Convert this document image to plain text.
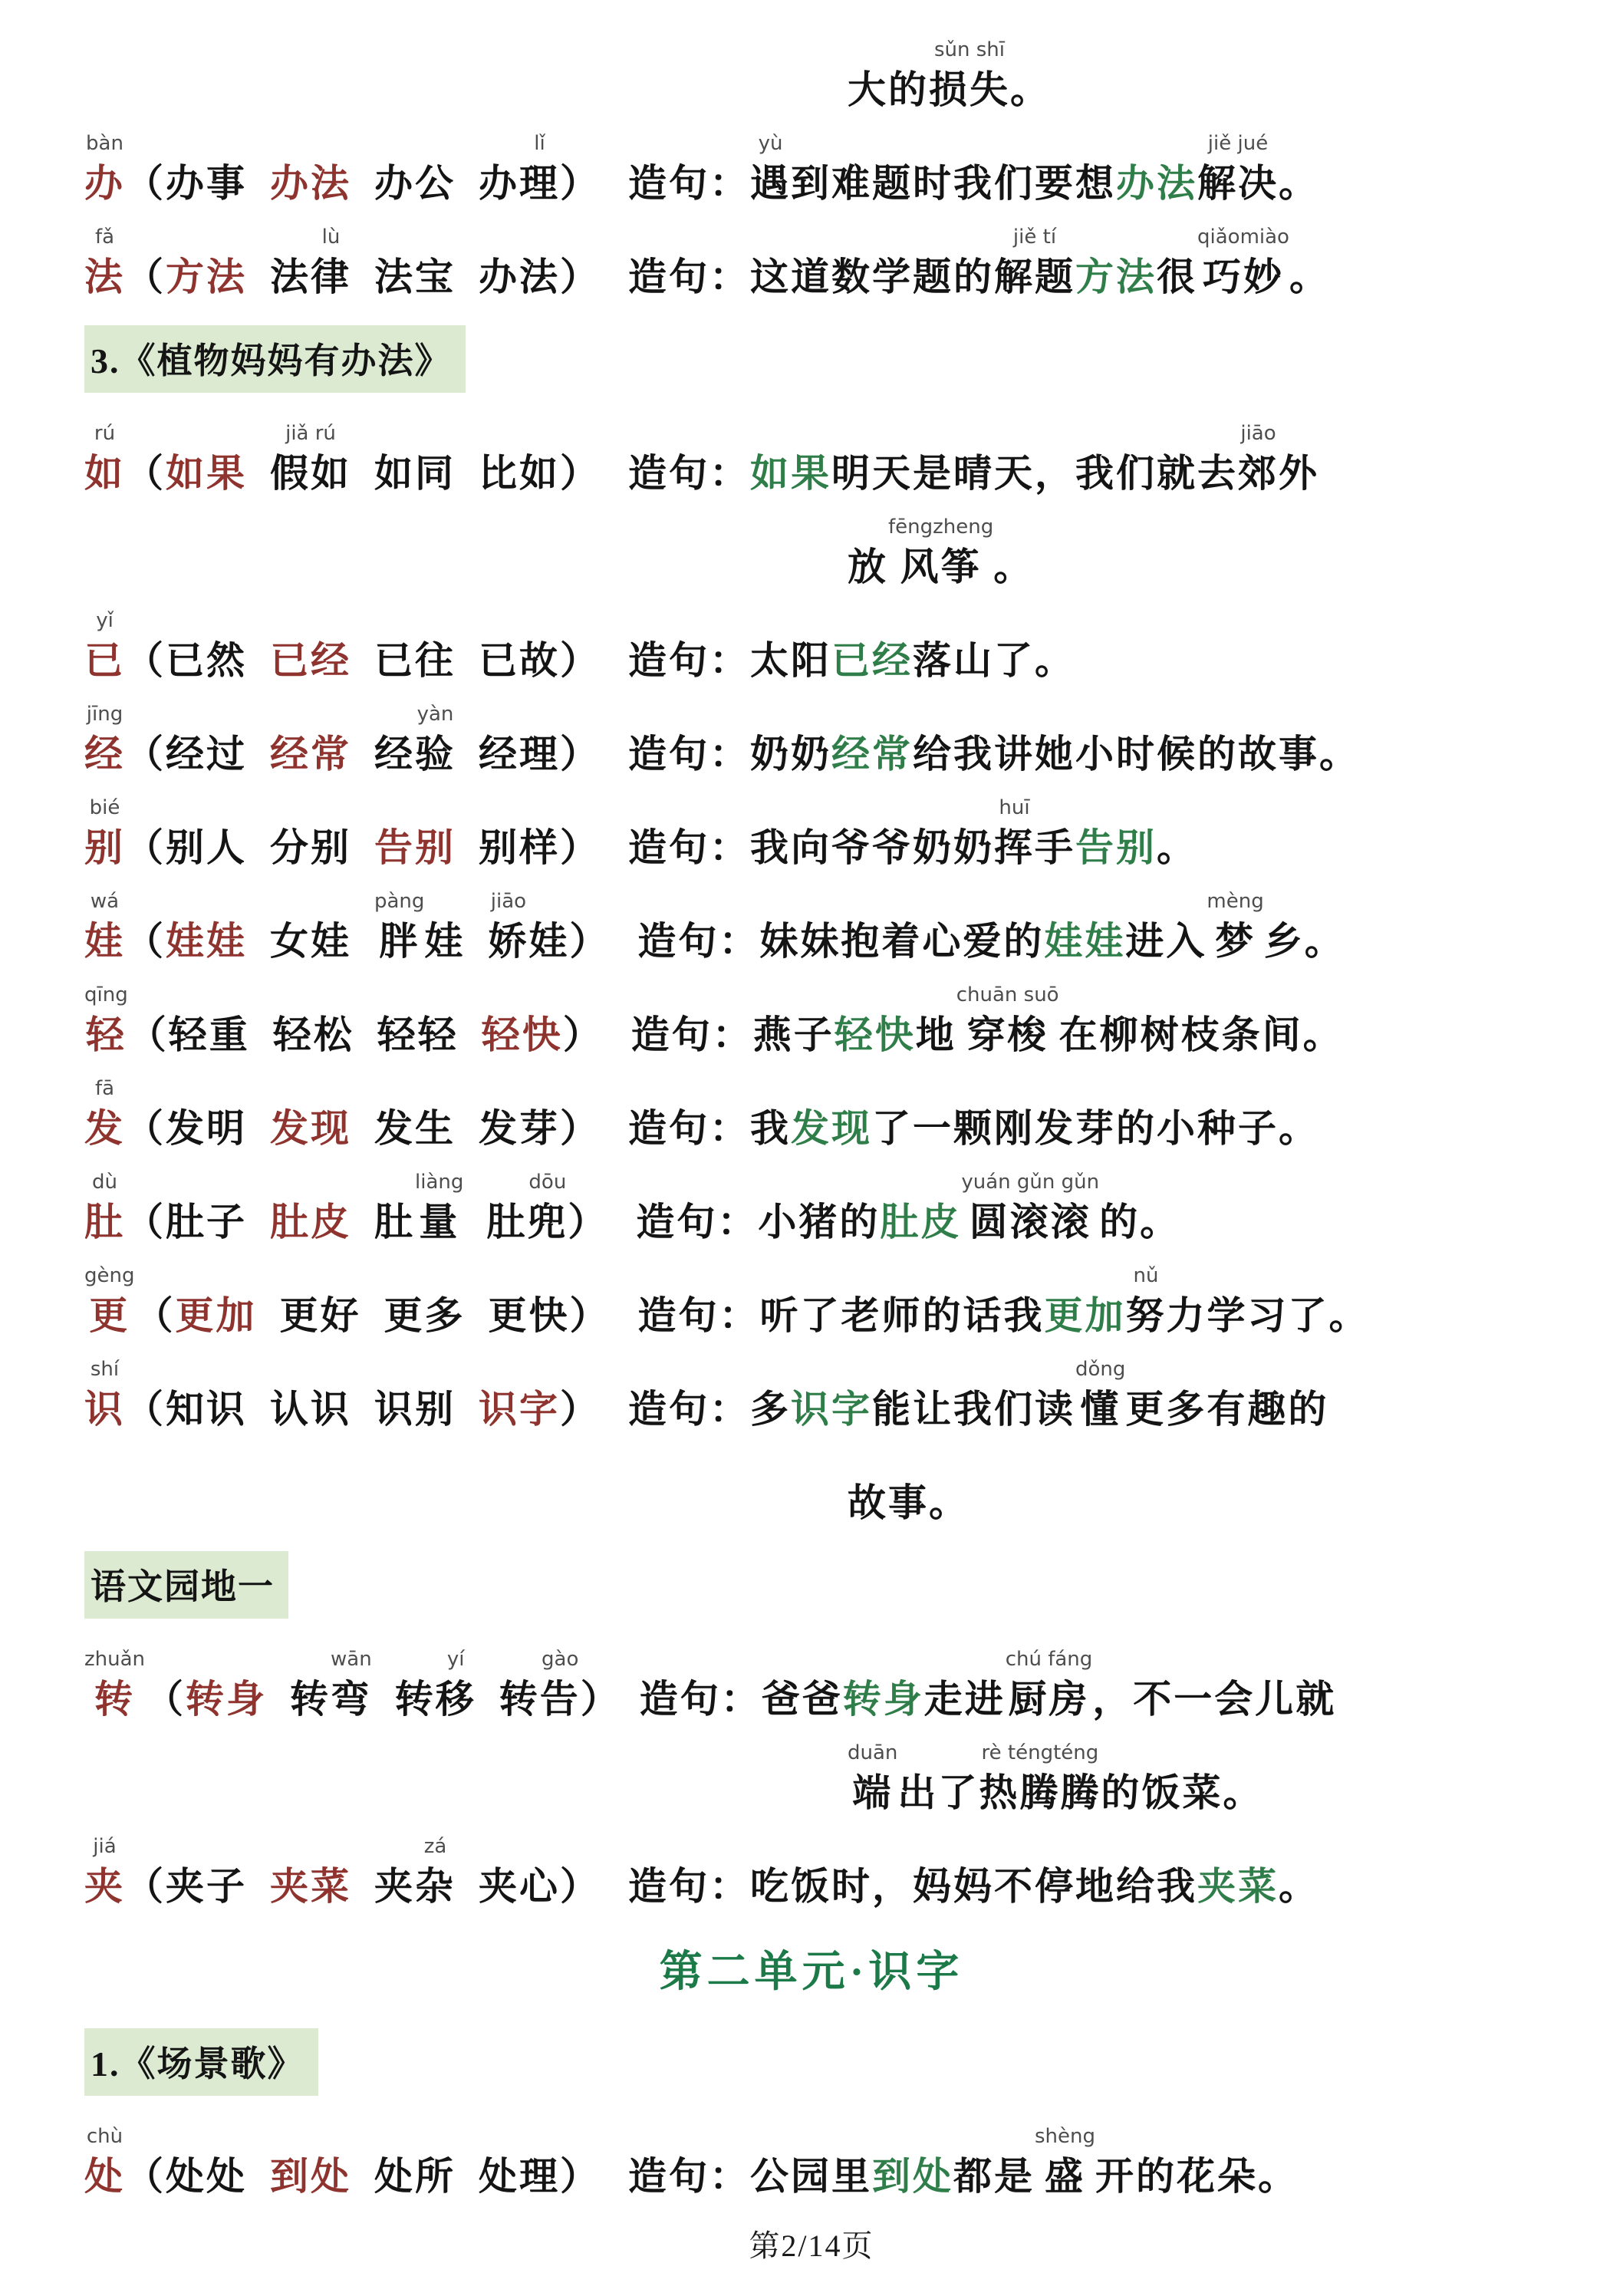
大的
sǔn shī
损失 。
bàn
办 （ 办事 办法 办公 办
lǐ
理 ） 造句：
yù
遇 到难题时我们要想 办法
jiě jué
解决 。
fǎ
法 （ 方法 法
lù
律 法宝 办法 ） 造句： 这道数学题的
jiě tí
解题 方法 很
qiǎomiào
巧妙 。
3.《植物妈妈有办法》
rú
如 （ 如果
jiǎ rú
假如 如同 比如 ） 造句： 如果 明天是晴天，我们就去
jiāo
郊 外
放
fēngzheng
风筝 。
yǐ
已 （ 已然 已经 已往 已故 ） 造句： 太阳 已经 落山了。
jīng
经 （ 经过 经常 经
yàn
验 经理 ） 造句： 奶奶 经常 给我讲她小时候的故事。
bié
别 （ 别人 分别 告别 别样 ） 造句： 我向爷爷奶奶
huī
挥 手 告别 。
wá
娃 （ 娃娃 女娃
pàng
胖 娃
jiāo
娇 娃 ） 造句： 妹妹抱着心爱的 娃娃 进入
mèng
梦 乡。
qīng
轻 （ 轻重 轻松 轻轻 轻快 ） 造句： 燕子 轻快 地
chuān suō
穿梭 在柳树枝条间。
fā
发 （ 发明 发现 发生 发芽 ） 造句： 我 发现 了一颗刚发芽的小种子。
dù
肚 （ 肚子 肚皮 肚
liàng
量 肚
dōu
兜 ） 造句： 小猪的 肚皮
yuán gǔn gǔn
圆滚滚 的。
gèng
更 （ 更加 更好 更多 更快 ） 造句： 听了老师的话我 更加
nǔ
努 力学习了。
shí
识 （ 知识 认识 识别 识字 ） 造句： 多 识字 能让我们读
dǒng
懂 更多有趣的
故事。
语文园地一
zhuǎn
转 （ 转身 转
wān
弯 转
yí
移 转
gào
告 ） 造句： 爸爸 转身 走进
chú fáng
厨房 ，不一会儿就
duān
端 出了
rè téngténg
热腾腾 的饭菜。
jiá
夹 （ 夹子 夹菜 夹
zá
杂 夹心 ） 造句： 吃饭时，妈妈不停地给我 夹菜 。
第二单元·识字
1.《场景歌》
chù
处 （ 处处 到处 处所 处理 ） 造句： 公园里 到处 都是
shèng
盛 开的花朵。
第2/14页
